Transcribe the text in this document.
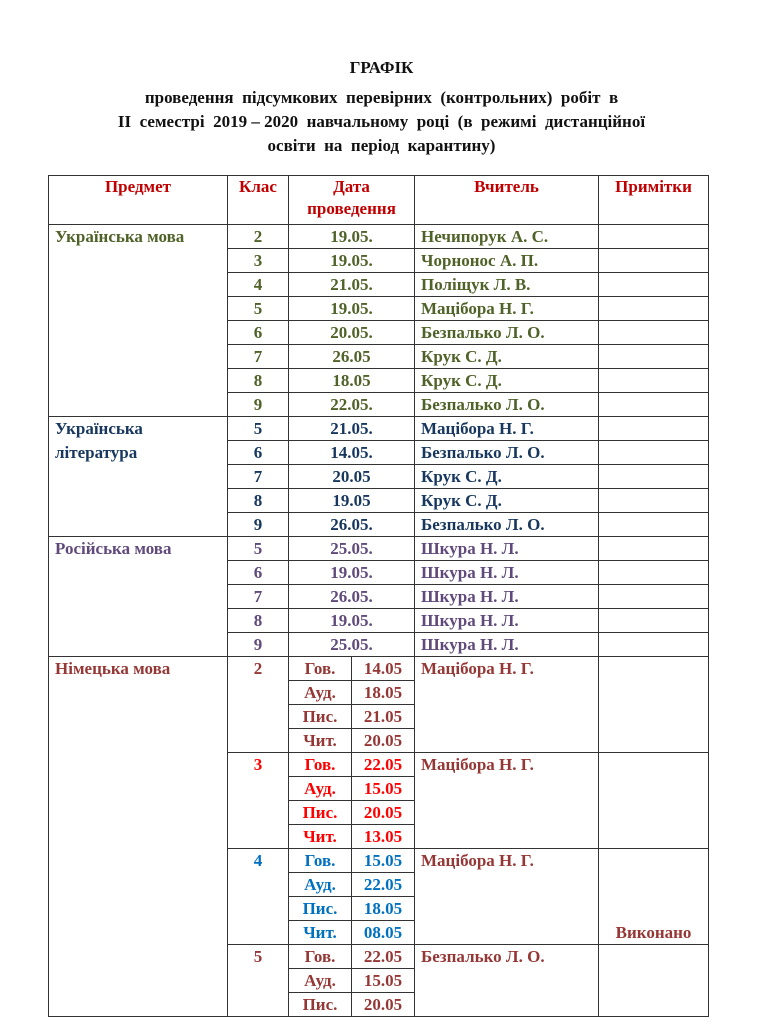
ГРАФІК
проведення  підсумкових  перевірних  (контрольних)  робіт  в
ІІ  семестрі  2019 – 2020  навчальному  році  (в  режимі  дистанційної
освіти  на  період  карантину)
Предмет	Клас	Дата проведення		Вчитель	Примітки
Українська мова	2	19.05.		Нечипорук А. С.	
	3	19.05.		Чорнонос А. П.	
	4	21.05.		Поліщук Л. В.	
	5	19.05.		Мацібора Н. Г.	
	6	20.05.		Безпалько Л. О.	
	7	26.05		Крук С. Д.	
	8	18.05		Крук С. Д.	
	9	22.05.		Безпалько Л. О.	
Українська література	5	21.05.		Маціборa Н. Г.	
	6	14.05.		Безпалько Л. О.	
	7	20.05		Крук С. Д.	
	8	19.05		Крук С. Д.	
	9	26.05.		Безпалько Л. О.	
Російська мова	5	25.05.		Шкура Н. Л.	
	6	19.05.		Шкура Н. Л.	
	7	26.05.		Шкура Н. Л.	
	8	19.05.		Шкура Н. Л.	
	9	25.05.		Шкура Н. Л.	
Німецька мова	2	Гов.	14.05	Мацібора Н. Г.	
		Ауд.	18.05		
		Пис.	21.05		
		Чит.	20.05		
	3	Гов.	22.05	Мацібора Н. Г.	
		Ауд.	15.05		
		Пис.	20.05		
		Чит.	13.05		
	4	Гов.	15.05	Мацібора Н. Г.	Виконано
		Ауд.	22.05		
		Пис.	18.05		
		Чит.	08.05		
	5	Гов.	22.05	Безпалько Л. О.	
		Ауд.	15.05		
		Пис.	20.05		
